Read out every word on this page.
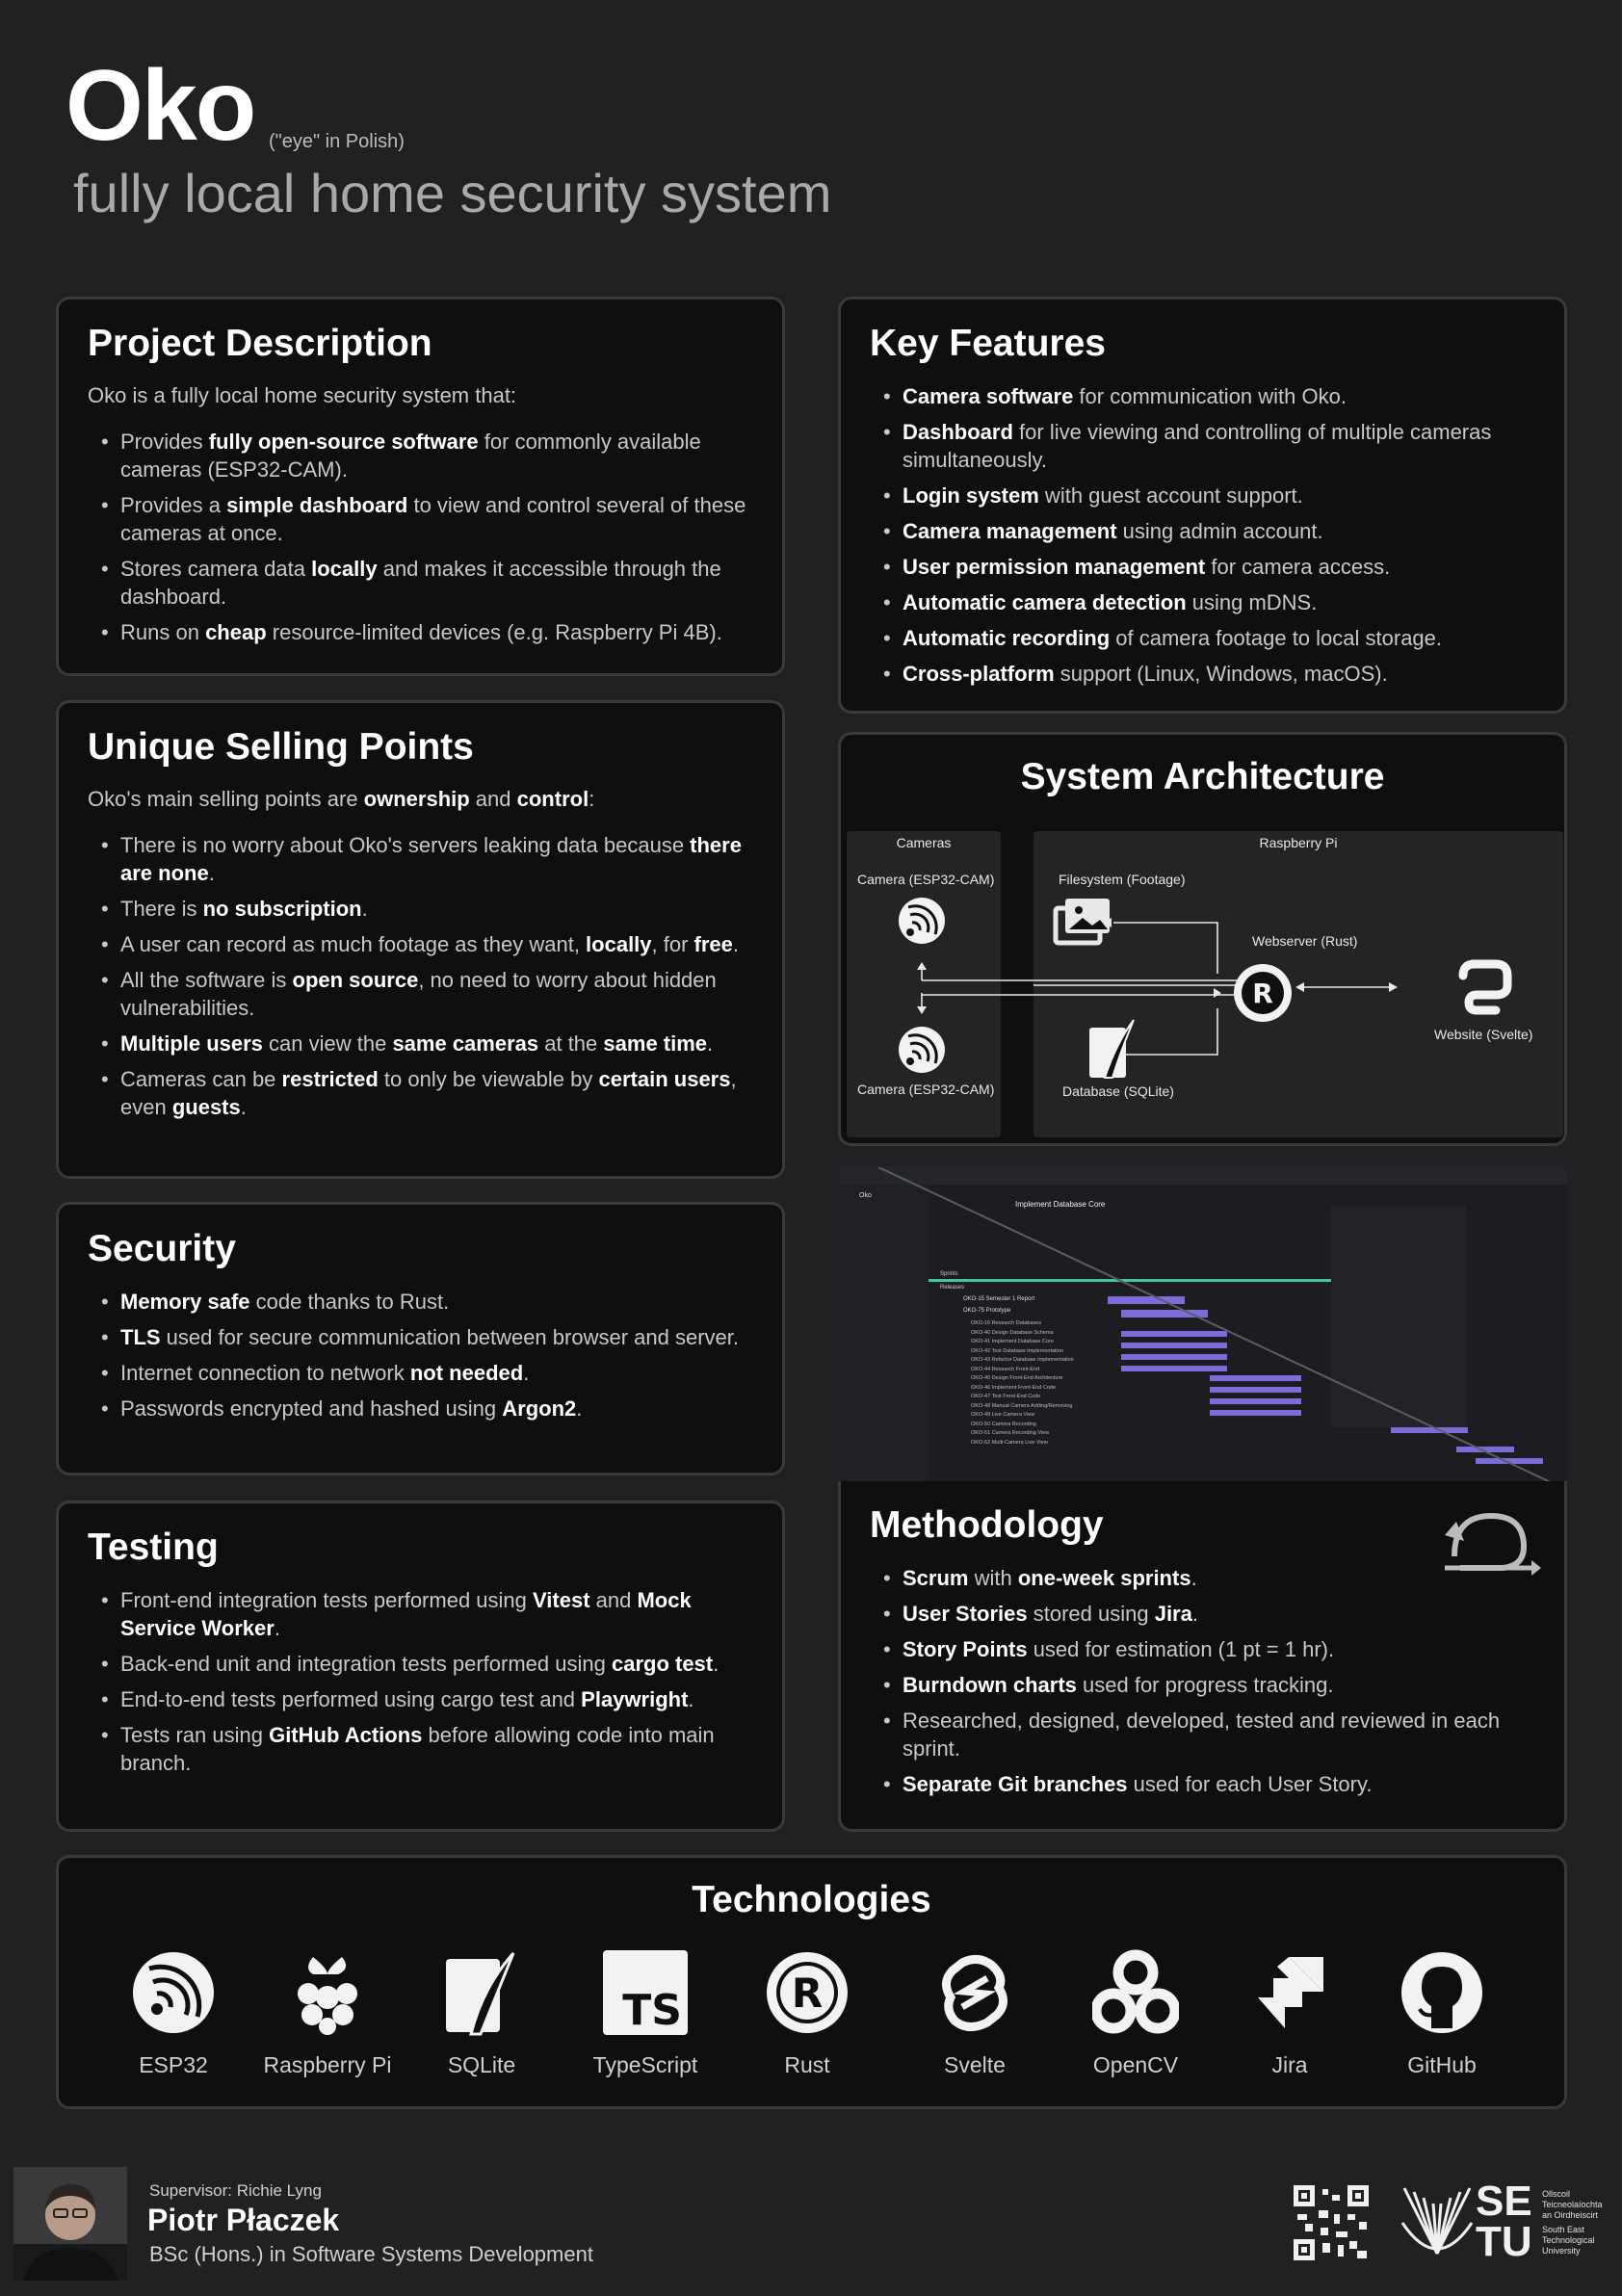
Oko ("eye" in Polish)
fully local home security system
Project Description

Oko is a fully local home security system that:

• Provides fully open-source software for commonly available cameras (ESP32-CAM).
• Provides a simple dashboard to view and control several of these cameras at once.
• Stores camera data locally and makes it accessible through the dashboard.
• Runs on cheap resource-limited devices (e.g. Raspberry Pi 4B).
Unique Selling Points

Oko's main selling points are ownership and control:

• There is no worry about Oko's servers leaking data because there are none.
• There is no subscription.
• A user can record as much footage as they want, locally, for free.
• All the software is open source, no need to worry about hidden vulnerabilities.
• Multiple users can view the same cameras at the same time.
• Cameras can be restricted to only be viewable by certain users, even guests.
Security
• Memory safe code thanks to Rust.
• TLS used for secure communication between browser and server.
• Internet connection to network not needed.
• Passwords encrypted and hashed using Argon2.
Testing
• Front-end integration tests performed using Vitest and Mock Service Worker.
• Back-end unit and integration tests performed using cargo test.
• End-to-end tests performed using cargo test and Playwright.
• Tests ran using GitHub Actions before allowing code into main branch.
Key Features
• Camera software for communication with Oko.
• Dashboard for live viewing and controlling of multiple cameras simultaneously.
• Login system with guest account support.
• Camera management using admin account.
• User permission management for camera access.
• Automatic camera detection using mDNS.
• Automatic recording of camera footage to local storage.
• Cross-platform support (Linux, Windows, macOS).
System Architecture
Cameras	Raspberry Pi
R
Camera (ESP32-CAM)
Camera (ESP32-CAM)
Filesystem (Footage)
Webserver (Rust)
Database (SQLite)
Website (Svelte)
Oko
Implement Database Core
Sprints
Releases
OKO-15 Semester 1 Report
OKO-75 Prototype
OKO-16 Research Databases
OKO-40 Design Database Schema
OKO-41 Implement Database Core
OKO-42 Test Database Implementation
OKO-43 Refactor Database Implementation
OKO-44 Research Front-End
OKO-45 Design Front-End Architecture
OKO-46 Implement Front-End Code
OKO-47 Test Front-End Code
OKO-48 Manual Camera Adding/Removing
OKO-49 Live Camera View
OKO-50 Camera Recording
OKO-51 Camera Recording View
OKO-52 Multi-Camera Live View
Methodology
• Scrum with one-week sprints.
• User Stories stored using Jira.
• Story Points used for estimation (1 pt = 1 hr).
• Burndown charts used for progress tracking.
• Researched, designed, developed, tested and reviewed in each sprint.
• Separate Git branches used for each User Story.
Technologies
ESP32	Raspberry Pi	SQLite
TS
TypeScript
R
Rust	Svelte	OpenCV	Jira	GitHub
Supervisor: Richie Lyng
Piotr Płaczek
BSc (Hons.) in Software Systems Development
SE
TU
Ollscoil Teicneolaíochta an Oirdheiscirt
South East Technological University
